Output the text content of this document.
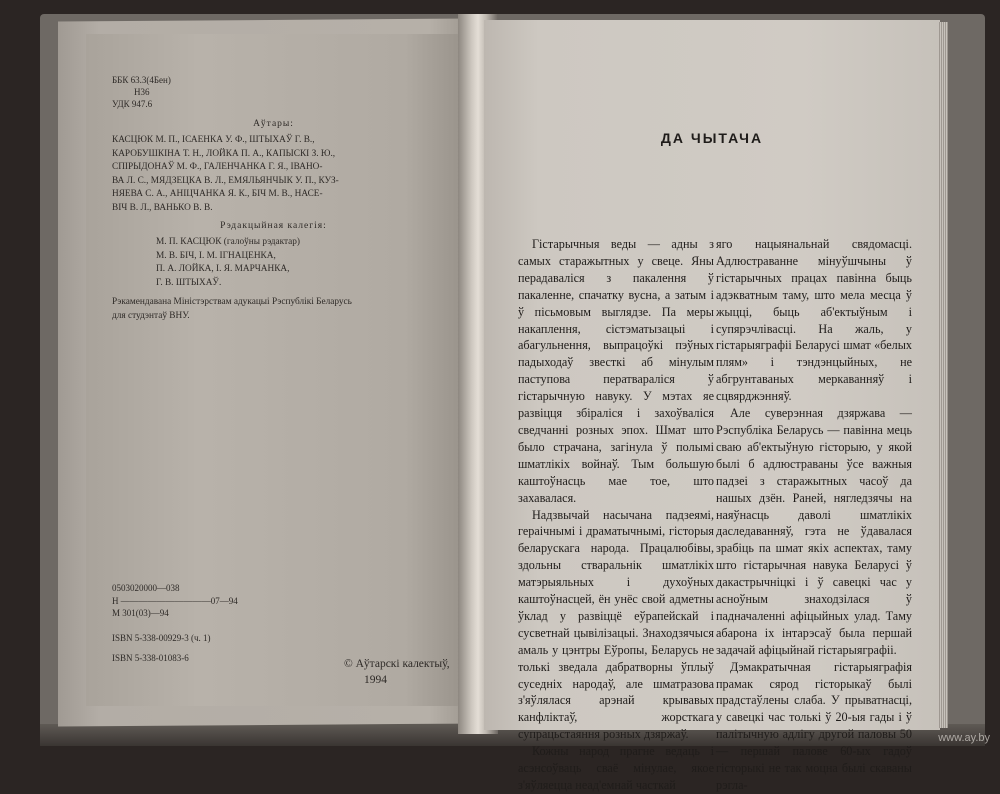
ББК 63.3(4Бен)
Н36
УДК 947.6
Аўтары:
КАСЦЮК М. П., ІСАЕНКА У. Ф., ШТЫХАЎ Г. В.,
КАРОБУШКІНА Т. Н., ЛОЙКА П. А., КАПЫСКІ З. Ю.,
СПІРЫДОНАЎ М. Ф., ГАЛЕНЧАНКА Г. Я., ІВАНО-
ВА Л. С., МЯДЗЕЦКА В. Л., ЕМЯЛЬЯНЧЫК У. П., КУЗ-
НЯЕВА С. А., АНІЦЧАНКА Я. К., БІЧ М. В., НАСЕ-
ВІЧ В. Л., ВАНЬКО В. В.
Рэдакцыйная калегія:
М. П. КАСЦЮК (галоўны рэдактар)
М. В. БІЧ, І. М. ІГНАЦЕНКА,
П. А. ЛОЙКА, І. Я. МАРЧАНКА,
Г. В. ШТЫХАЎ.
Рэкамендавана Міністэрствам адукацыі Рэспублікі Беларусь
для студэнтаў ВНУ.
0503020000—038
Н ——————————07—94
М 301(03)—94
ISBN 5-338-00929-3 (ч. 1)
ISBN 5-338-01083-6	© Аўтарскі калектыў,
1994
ДА ЧЫТАЧА

Гістарычныя веды — адны з самых старажытных у свеце. Яны перадаваліся з пакалення ў пакаленне, спачатку вусна, а затым і ў пісьмовым выглядзе. Па меры накаплення, сістэматызацыі і абагульнення, выпрацоўкі пэўных падыходаў звесткі аб мінулым паступова ператвараліся ў гістарычную навуку. У мэтах яе развіцця збіраліся і захоўваліся сведчанні розных эпох. Шмат што было страчана, загінула ў полымі шматлікіх войнаў. Тым большую каштоўнасць мае тое, што захавалася.

Надзвычай насычана падзеямі, гераічнымі і драматычнымі, гісторыя беларускага народа. Працалюбівы, здольны стваральнік шматлікіх матэрыяльных і духоўных каштоўнасцей, ён унёс свой адметны ўклад у развіццё еўрапейскай і сусветнай цывілізацыі. Знаходзячыся амаль у цэнтры Еўропы, Беларусь не толькі зведала дабратворны ўплыў суседніх народаў, але шматразова з'яўлялася арэнай крывавых канфліктаў, жорсткага супрацьстаяння розных дзяржаў.

Кожны народ прагне ведаць і асэнсоўваць сваё мінулае, якое з'яўляецца неад'емнай часткай

яго нацыянальнай свядомасці. Адлюстраванне мінуўшчыны ў гістарычных працах павінна быць адэкватным таму, што мела месца ў жыцці, быць аб'ектыўным і супярэчлівасці. На жаль, у гістарыяграфіі Беларусі шмат «белых плям» і тэндэнцыйных, не абгрунтаваных меркаванняў і сцвярджэнняў.

Але суверэнная дзяржава — Рэспубліка Беларусь — павінна мець сваю аб'ектыўную гісторыю, у якой былі б адлюстраваны ўсе важныя падзеі з старажытных часоў да нашых дзён. Раней, нягледзячы на наяўнасць даволі шматлікіх даследаванняў, гэта не ўдавалася зрабіць па шмат якіх аспектах, таму што гістарычная навука Беларусі ў дакастрычніцкі і ў савецкі час у асноўным знаходзілася ў падначаленні афіцыйных улад. Таму абарона іх інтарэсаў была першай задачай афіцыйнай гістарыяграфіі.

Дэмакратычная гістарыяграфія прамак сярод гісторыкаў былі прадстаўлены слаба. У прыватнасці, у савецкі час толькі ў 20-ыя гады і ў палітычную адлігу другой паловы 50 — першай палове 60-ых гадоў гісторыкі не так моцна былі скаваны рэгла-

www.ay.by
